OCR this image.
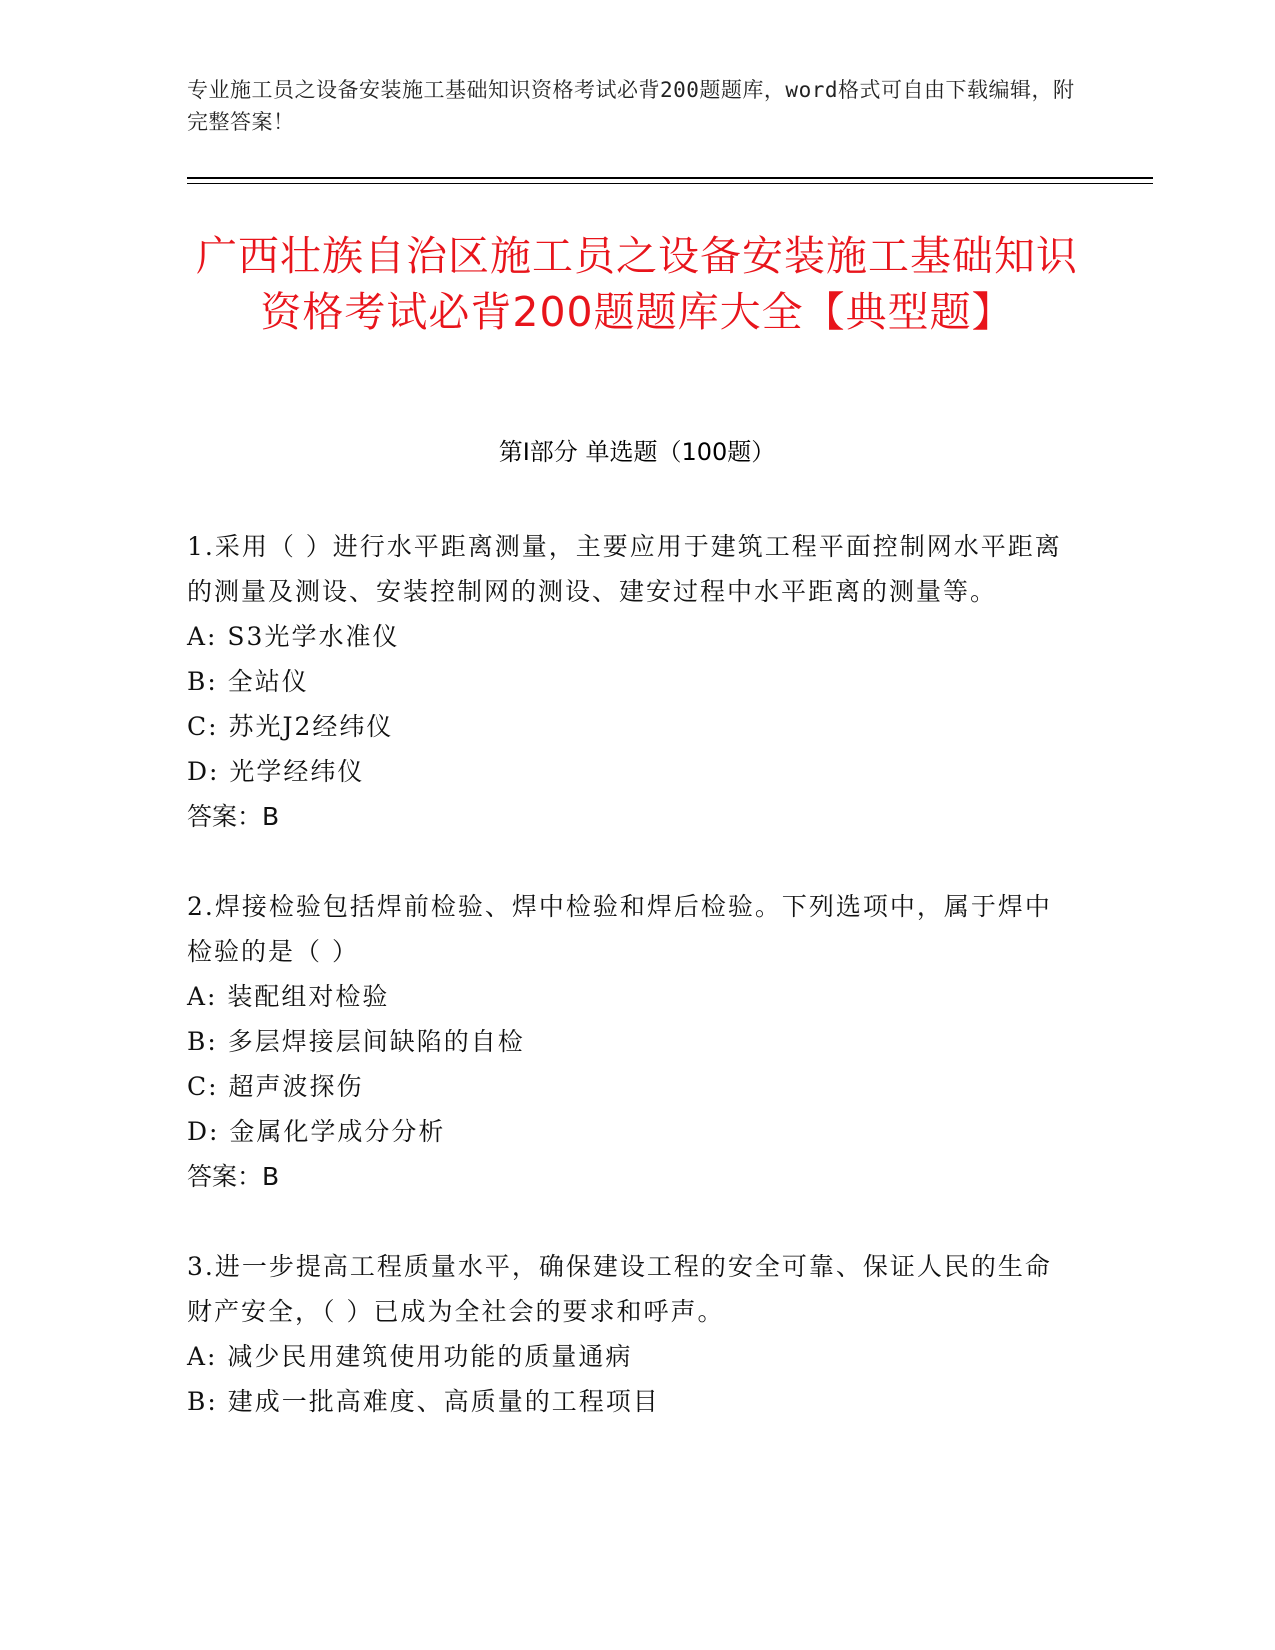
专业施工员之设备安装施工基础知识资格考试必背200题题库，word格式可自由下载编辑，附完整答案！
广西壮族自治区施工员之设备安装施工基础知识资格考试必背200题题库大全【典型题】
第I部分 单选题（100题）
1.采用（ ）进行水平距离测量，主要应用于建筑工程平面控制网水平距离的测量及测设、安装控制网的测设、建安过程中水平距离的测量等。
A: S3光学水准仪
B: 全站仪
C: 苏光J2经纬仪
D: 光学经纬仪
答案：B
2.焊接检验包括焊前检验、焊中检验和焊后检验。下列选项中，属于焊中检验的是（ ）
A: 装配组对检验
B: 多层焊接层间缺陷的自检
C: 超声波探伤
D: 金属化学成分分析
答案：B
3.进一步提高工程质量水平，确保建设工程的安全可靠、保证人民的生命财产安全，（ ）已成为全社会的要求和呼声。
A: 减少民用建筑使用功能的质量通病
B: 建成一批高难度、高质量的工程项目
